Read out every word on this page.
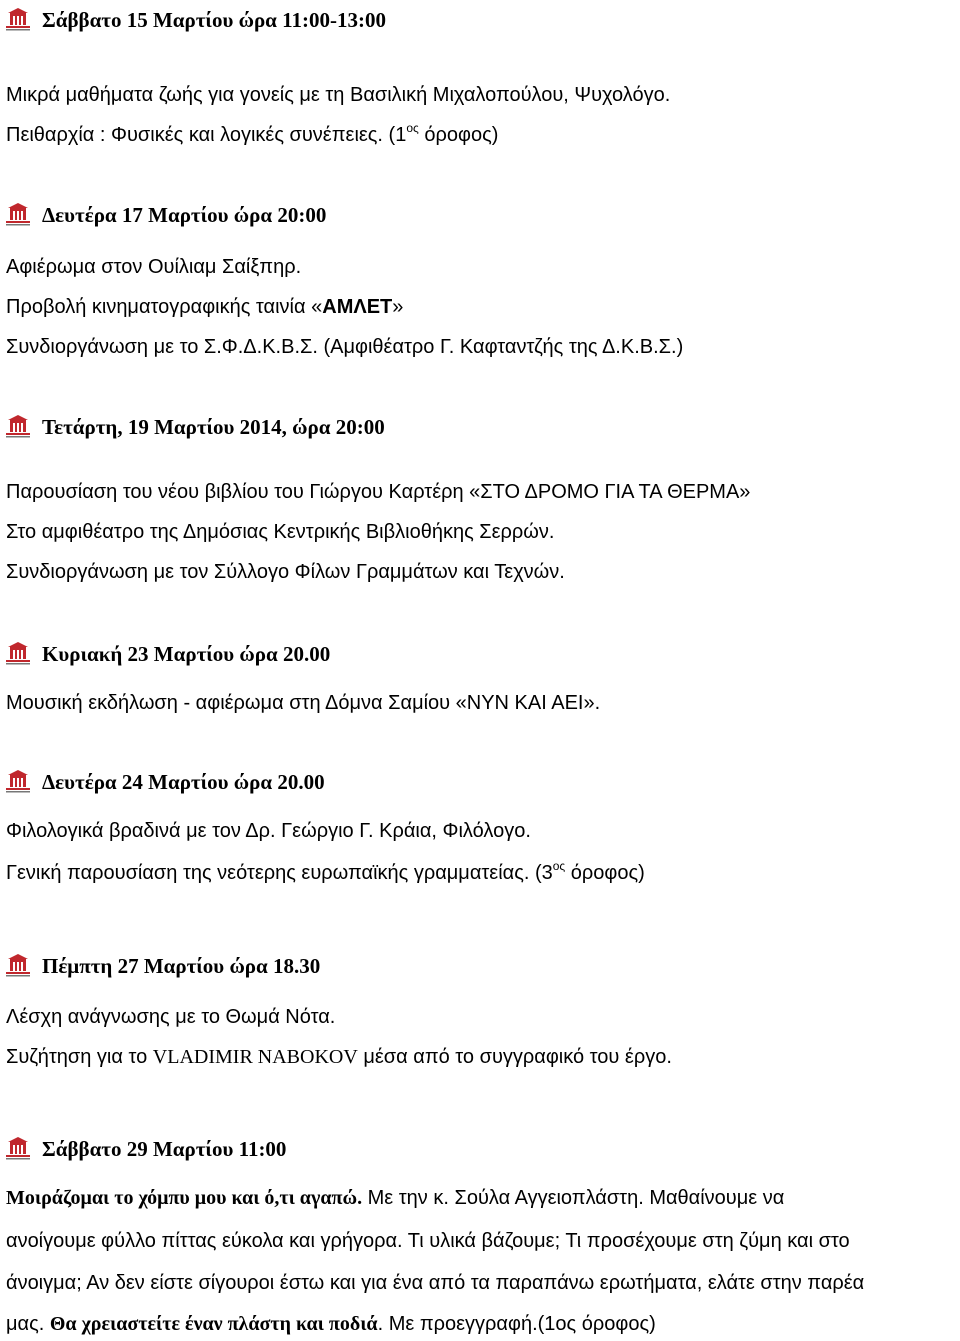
Σάββατο 15 Μαρτίου ώρα 11:00-13:00
Μικρά μαθήματα ζωής για γονείς με τη Βασιλική Μιχαλοπούλου, Ψυχολόγο.
Πειθαρχία : Φυσικές και λογικές συνέπειες. ($1^{o\varsigma}$ όροφος)
Δευτέρα 17 Μαρτίου ώρα 20:00
Αφιέρωμα στον Ουίλιαμ Σαίξπηρ.
Προβολή κινηματογραφικής ταινία «ΑΜΛΕΤ»
Συνδιοργάνωση με το Σ.Φ.Δ.Κ.Β.Σ. (Αμφιθέατρο Γ. Καφταντζής της Δ.Κ.Β.Σ.)
Τετάρτη, 19 Μαρτίου 2014, ώρα 20:00
Παρουσίαση του νέου βιβλίου του Γιώργου Καρτέρη «ΣΤΟ ΔΡΟΜΟ ΓΙΑ ΤΑ ΘΕΡΜΑ»
Στο αμφιθέατρο της Δημόσιας Κεντρικής Βιβλιοθήκης Σερρών.
Συνδιοργάνωση με τον Σύλλογο Φίλων Γραμμάτων και Τεχνών.
Κυριακή 23 Μαρτίου ώρα 20.00
Μουσική εκδήλωση - αφιέρωμα στη Δόμνα Σαμίου «ΝΥΝ ΚΑΙ ΑΕΙ».
Δευτέρα 24 Μαρτίου ώρα 20.00
Φιλολογικά βραδινά με τον Δρ. Γεώργιο Γ. Κράια, Φιλόλογο.
Γενική παρουσίαση της νεότερης ευρωπαϊκής γραμματείας. ($3^{o\varsigma}$ όροφος)
Πέμπτη 27 Μαρτίου ώρα 18.30
Λέσχη ανάγνωσης με το Θωμά Νότα.
Συζήτηση για το VLADIMIR NABOKOV μέσα από το συγγραφικό του έργο.
Σάββατο 29 Μαρτίου 11:00
Μοιράζομαι το χόμπυ μου και ό,τι αγαπώ. Με την κ. Σούλα Αγγειοπλάστη. Μαθαίνουμε να
ανοίγουμε φύλλο πίττας εύκολα και γρήγορα. Τι υλικά βάζουμε; Τι προσέχουμε στη ζύμη και στο
άνοιγμα; Αν δεν είστε σίγουροι έστω και για ένα από τα παραπάνω ερωτήματα, ελάτε στην παρέα
μας. Θα χρειαστείτε έναν πλάστη και ποδιά. Με προεγγραφή.(1ος όροφος)
